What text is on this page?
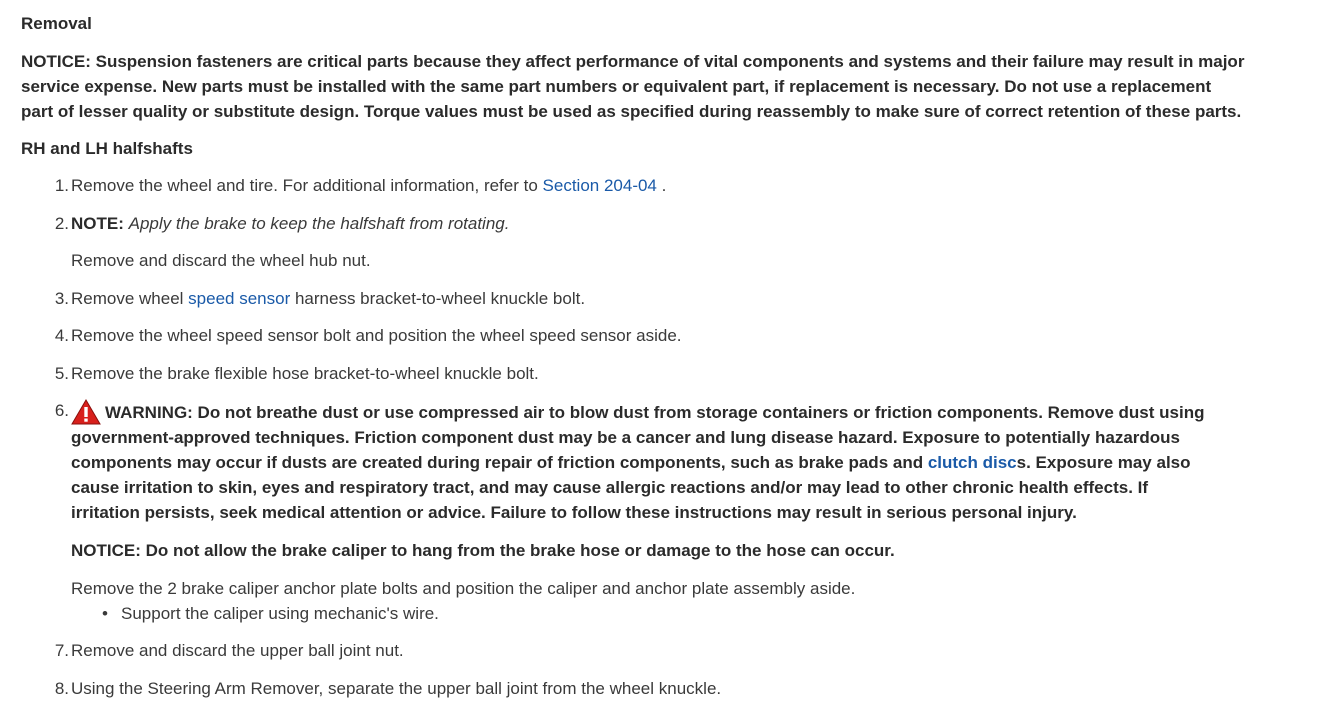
Removal

NOTICE: Suspension fasteners are critical parts because they affect performance of vital components and systems and their failure may result in major service expense. New parts must be installed with the same part numbers or equivalent part, if replacement is necessary. Do not use a replacement part of lesser quality or substitute design. Torque values must be used as specified during reassembly to make sure of correct retention of these parts.

RH and LH halfshafts
1. Remove the wheel and tire. For additional information, refer to Section 204-04 .
2. NOTE: Apply the brake to keep the halfshaft from rotating.
Remove and discard the wheel hub nut.
3. Remove wheel speed sensor harness bracket-to-wheel knuckle bolt.
4. Remove the wheel speed sensor bolt and position the wheel speed sensor aside.
5. Remove the brake flexible hose bracket-to-wheel knuckle bolt.
6.	WARNING: Do not breathe dust or use compressed air to blow dust from storage containers or friction components. Remove dust using government-approved techniques. Friction component dust may be a cancer and lung disease hazard. Exposure to potentially hazardous components may occur if dusts are created during repair of friction components, such as brake pads and clutch discs. Exposure may also cause irritation to skin, eyes and respiratory tract, and may cause allergic reactions and/or may lead to other chronic health effects. If irritation persists, seek medical attention or advice. Failure to follow these instructions may result in serious personal injury.
NOTICE: Do not allow the brake caliper to hang from the brake hose or damage to the hose can occur.
Remove the 2 brake caliper anchor plate bolts and position the caliper and anchor plate assembly aside.
• Support the caliper using mechanic's wire.
7. Remove and discard the upper ball joint nut.
8. Using the Steering Arm Remover, separate the upper ball joint from the wheel knuckle.
